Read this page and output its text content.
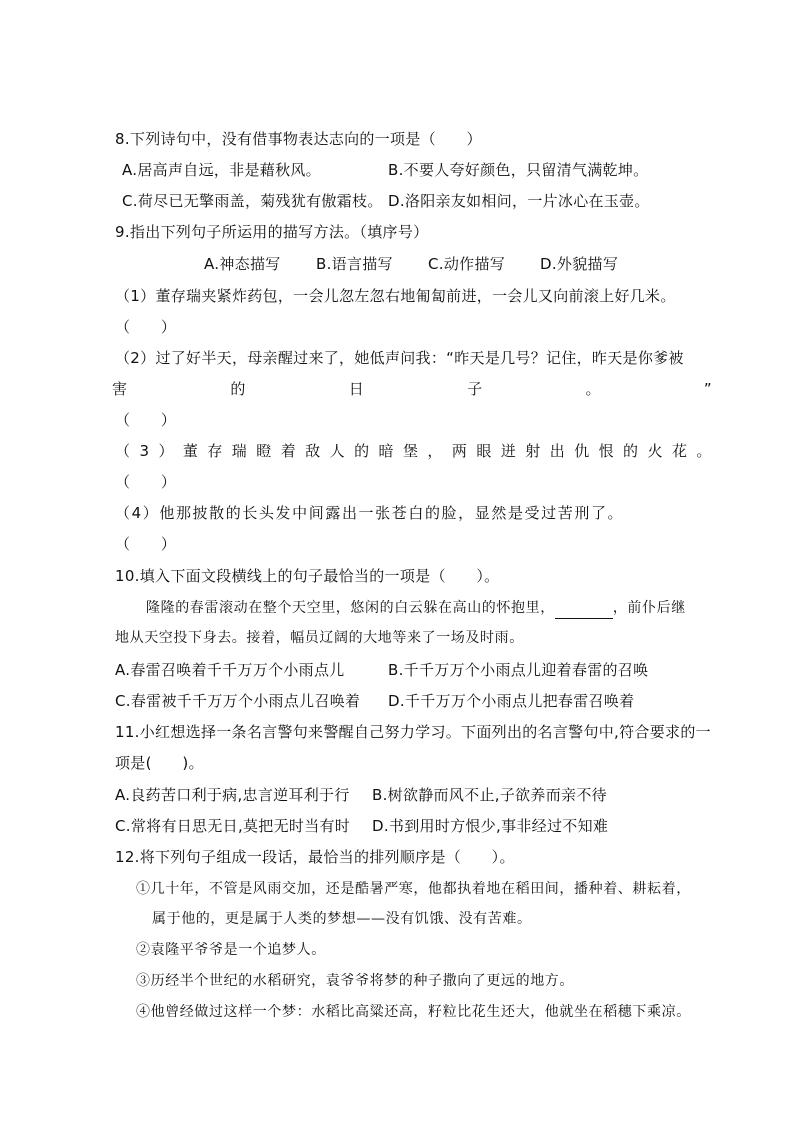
8.下列诗句中，没有借事物表达志向的一项是（　　）
A.居高声自远，非是藉秋风。	B.不要人夸好颜色，只留清气满乾坤。
C.荷尽已无擎雨盖，菊残犹有傲霜枝。 D.洛阳亲友如相问，一片冰心在玉壶。
9.指出下列句子所运用的描写方法。（填序号）
A.神态描写 B.语言描写 C.动作描写 D.外貌描写
（1）董存瑞夹紧炸药包，一会儿忽左忽右地匍匐前进，一会儿又向前滚上好几米。
（　　）
（2）过了好半天，母亲醒过来了，她低声问我：“昨天是几号？记住，昨天是你爹被
害	的	日	子	。	”
（　　）
（ 3 ） 董 存 瑞 瞪 着 敌 人 的 暗 堡 ， 两 眼 迸 射 出 仇 恨 的 火 花 。
（　　）
（4）他那披散的长头发中间露出一张苍白的脸，显然是受过苦刑了。
（　　）
10.填入下面文段横线上的句子最恰当的一项是（　　）。
隆隆的春雷滚动在整个天空里，悠闲的白云躲在高山的怀抱里，	，前仆后继
地从天空投下身去。接着，幅员辽阔的大地等来了一场及时雨。
A.春雷召唤着千千万万个小雨点儿	B.千千万万个小雨点儿迎着春雷的召唤
C.春雷被千千万万个小雨点儿召唤着 D.千千万万个小雨点儿把春雷召唤着
11.小红想选择一条名言警句来警醒自己努力学习。下面列出的名言警句中,符合要求的一
项是(　　)。
A.良药苦口利于病,忠言逆耳利于行 B.树欲静而风不止,子欲养而亲不待
C.常将有日思无日,莫把无时当有时 D.书到用时方恨少,事非经过不知难
12.将下列句子组成一段话，最恰当的排列顺序是（　　）。
①几十年，不管是风雨交加，还是酷暑严寒，他都执着地在稻田间，播种着、耕耘着，
属于他的，更是属于人类的梦想——没有饥饿、没有苦难。
②袁隆平爷爷是一个追梦人。
③历经半个世纪的水稻研究，袁爷爷将梦的种子撒向了更远的地方。
④他曾经做过这样一个梦：水稻比高粱还高，籽粒比花生还大，他就坐在稻穗下乘凉。
